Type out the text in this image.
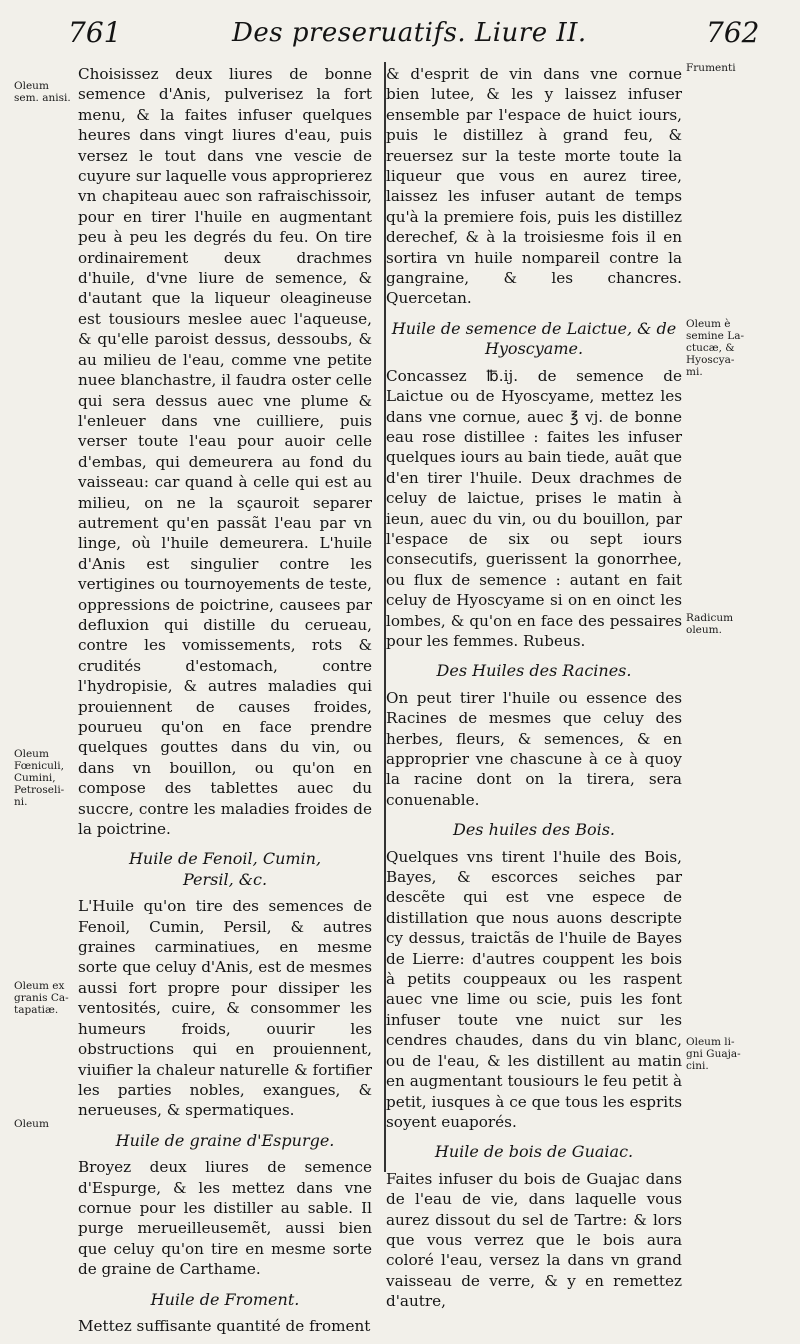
761	Des preseruatifs. Liure II.	762
Oleum
sem. anisi.
Oleum
Fœniculi,
Cumini,
Petroseli-
ni.
Oleum ex
granis Ca-
tapatiæ.
Oleum
Frumenti
Oleum è
semine La-
ctucæ, &
Hyoscya-
mi.
Radicum
oleum.
Oleum li-
gni Guaja-
cini.

Choisissez deux liures de bonne semence d'Anis, pulverisez la fort menu, & la faites infuser quelques heures dans vingt liures d'eau, puis versez le tout dans vne vescie de cuyure sur laquelle vous approprierez vn chapiteau auec son rafraischissoir, pour en tirer l'huile en augmentant peu à peu les degrés du feu. On tire ordinairement deux drachmes d'huile, d'vne liure de semence, & d'autant que la liqueur oleagineuse est tousiours meslee auec l'aqueuse, & qu'elle paroist dessus, dessoubs, & au milieu de l'eau, comme vne petite nuee blanchastre, il faudra oster celle qui sera dessus auec vne plume & l'enleuer dans vne cuilliere, puis verser toute l'eau pour auoir celle d'embas, qui demeurera au fond du vaisseau: car quand à celle qui est au milieu, on ne la sçauroit separer autrement qu'en passãt l'eau par vn linge, où l'huile demeurera. L'huile d'Anis est singulier contre les vertigines ou tournoyements de teste, oppressions de poictrine, causees par defluxion qui distille du cerueau, contre les vomissements, rots & crudités d'estomach, contre l'hydropisie, & autres maladies qui prouiennent de causes froides, pourueu qu'on en face prendre quelques gouttes dans du vin, ou dans vn bouillon, ou qu'on en compose des tablettes auec du succre, contre les maladies froides de la poictrine.

Huile de Fenoil, Cumin,
Persil, &c.

L'Huile qu'on tire des semences de Fenoil, Cumin, Persil, & autres graines carminatiues, en mesme sorte que celuy d'Anis, est de mesmes aussi fort propre pour dissiper les ventosités, cuire, & consommer les humeurs froids, ouurir les obstructions qui en prouiennent, viuifier la chaleur naturelle & fortifier les parties nobles, exangues, & nerueuses, & spermatiques.

Huile de graine d'Espurge.

Broyez deux liures de semence d'Espurge, & les mettez dans vne cornue pour les distiller au sable. Il purge merueilleusemẽt, aussi bien que celuy qu'on tire en mesme sorte de graine de Carthame.

Huile de Froment.

Mettez suffisante quantité de froment

& d'esprit de vin dans vne cornue bien lutee, & les y laissez infuser ensemble par l'espace de huict iours, puis le distillez à grand feu, & reuersez sur la teste morte toute la liqueur que vous en aurez tiree, laissez les infuser autant de temps qu'à la premiere fois, puis les distillez derechef, & à la troisiesme fois il en sortira vn huile nompareil contre la gangraine, & les chancres. Quercetan.

Huile de semence de Laictue, & de
Hyoscyame.

Concassez ℔.ij. de semence de Laictue ou de Hyoscyame, mettez les dans vne cornue, auec ℥ vj. de bonne eau rose distillee : faites les infuser quelques iours au bain tiede, auãt que d'en tirer l'huile. Deux drachmes de celuy de laictue, prises le matin à ieun, auec du vin, ou du bouillon, par l'espace de six ou sept iours consecutifs, guerissent la gonorrhee, ou flux de semence : autant en fait celuy de Hyoscyame si on en oinct les lombes, & qu'on en face des pessaires pour les femmes. Rubeus.

Des Huiles des Racines.

On peut tirer l'huile ou essence des Racines de mesmes que celuy des herbes, fleurs, & semences, & en approprier vne chascune à ce à quoy la racine dont on la tirera, sera conuenable.

Des huiles des Bois.

Quelques vns tirent l'huile des Bois, Bayes, & escorces seiches par descẽte qui est vne espece de distillation que nous auons descripte cy dessus, traictãs de l'huile de Bayes de Lierre: d'autres couppent les bois à petits couppeaux ou les raspent auec vne lime ou scie, puis les font infuser toute vne nuict sur les cendres chaudes, dans du vin blanc, ou de l'eau, & les distillent au matin en augmentant tousiours le feu petit à petit, iusques à ce que tous les esprits soyent euaporés.

Huile de bois de Guaiac.

Faites infuser du bois de Guajac dans de l'eau de vie, dans laquelle vous aurez dissout du sel de Tartre: & lors que vous verrez que le bois aura coloré l'eau, versez la dans vn grand vaisseau de verre, & y en remettez d'autre,
